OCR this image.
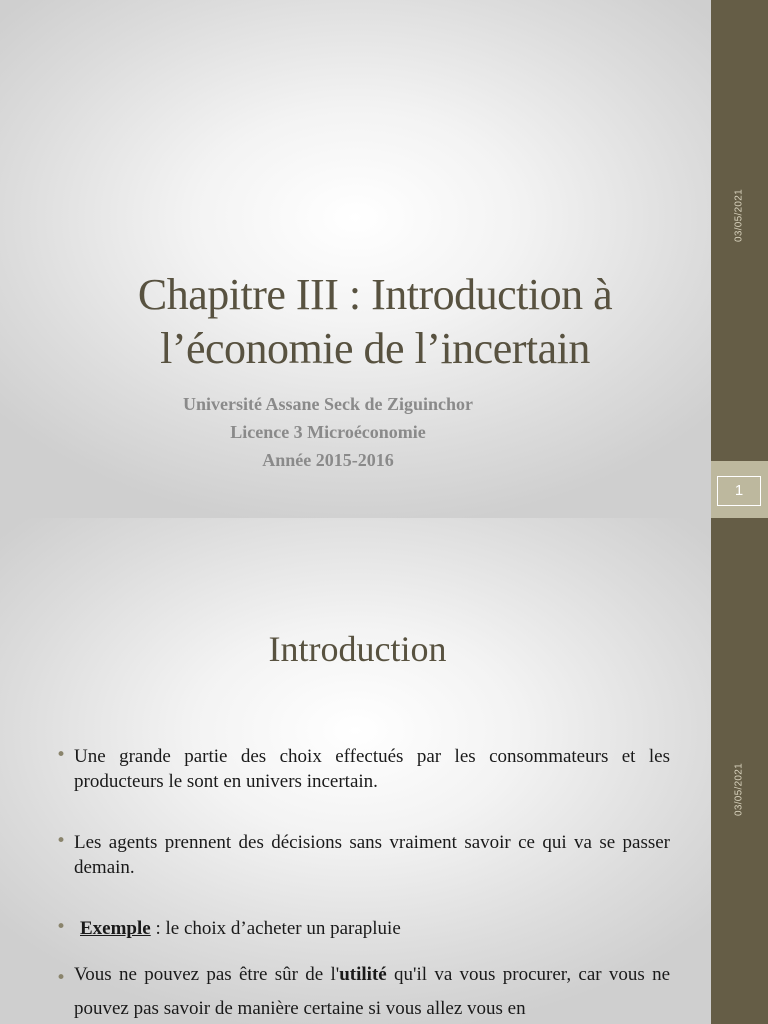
03/05/2021
1
Chapitre III : Introduction à
l’économie de l’incertain
Université Assane Seck de Ziguinchor
Licence 3 Microéconomie
Année 2015-2016
03/05/2021
Introduction
• Une grande partie des choix effectués par les consommateurs et les producteurs le sont en univers incertain.
• Les agents prennent des décisions sans vraiment savoir ce qui va se passer demain.
• Exemple : le choix d’acheter un parapluie
• Vous ne pouvez pas être sûr de l'utilité qu'il va vous procurer, car vous ne pouvez pas savoir de manière certaine si vous allez vous en
